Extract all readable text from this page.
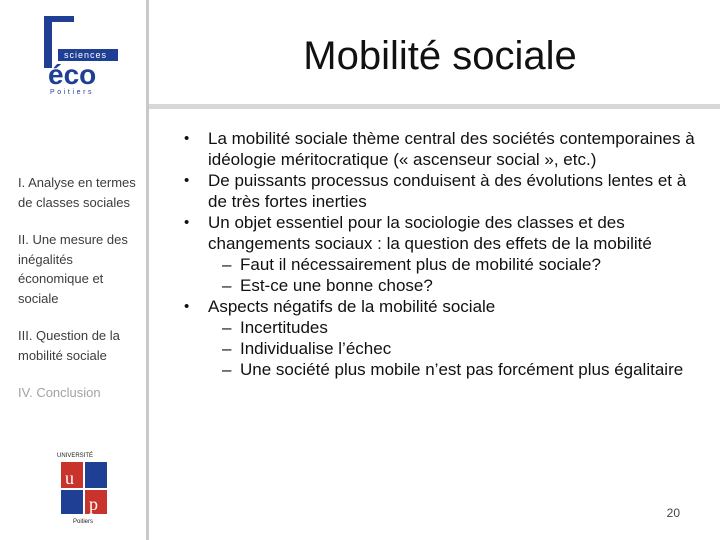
sciences
éco
Poitiers
Mobilité sociale
I. Analyse en termes de classes sociales
II. Une mesure des inégalités économique et sociale
III. Question de la mobilité sociale
IV. Conclusion
UNIVERSITÉ
u
p
Poitiers

• La mobilité sociale thème central des sociétés contemporaines à idéologie méritocratique (« ascenseur social », etc.)

• De puissants processus conduisent à des évolutions lentes et à de très fortes inerties

• Un objet essentiel pour la sociologie des classes et des changements sociaux : la question des effets de la mobilité

– Faut il nécessairement plus de mobilité sociale?

– Est-ce une bonne chose?

• Aspects négatifs de la mobilité sociale

– Incertitudes

– Individualise l’échec

– Une société plus mobile n’est pas forcément plus égalitaire

20
